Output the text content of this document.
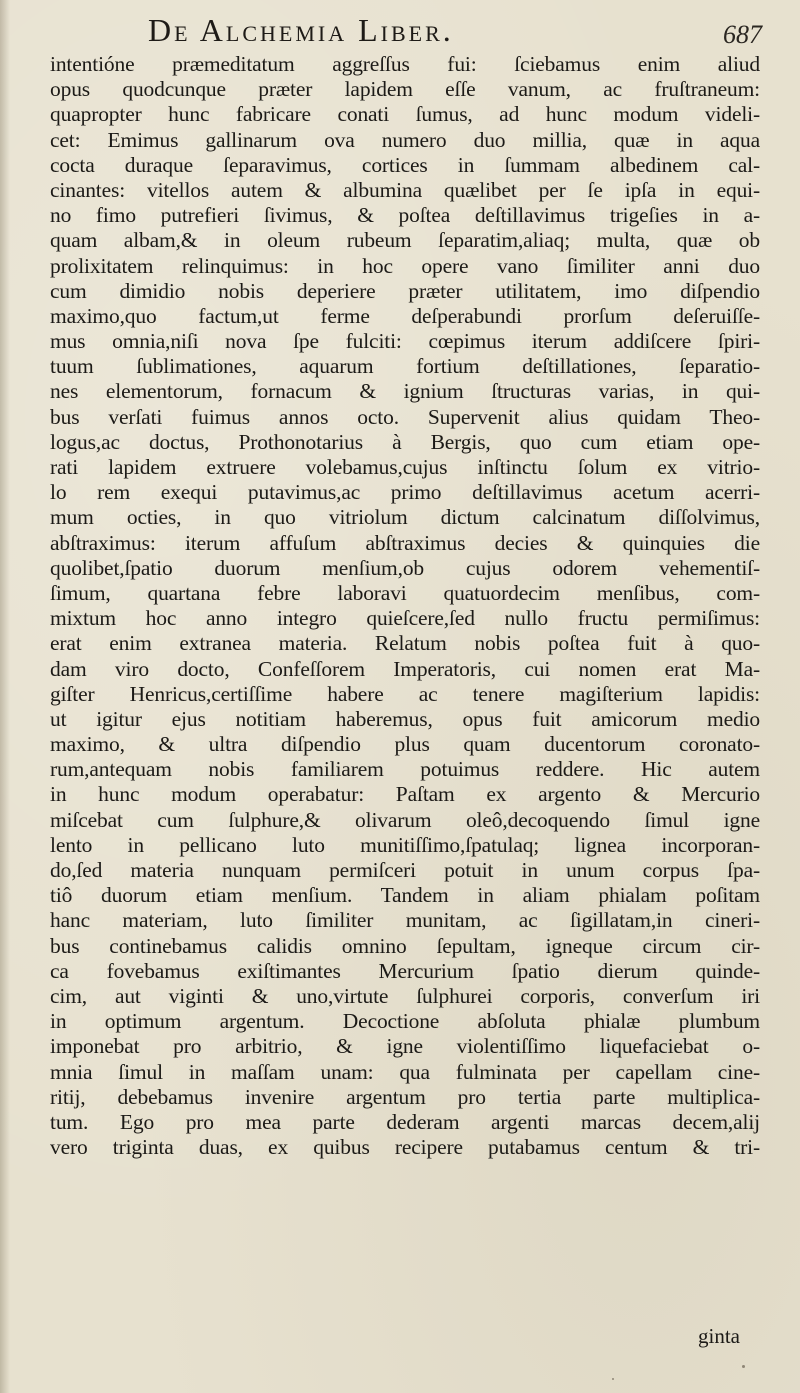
De Alchemia Liber.	687
intentióne præmeditatum aggreſſus fui: ſciebamus enim aliud
opus quodcunque præter lapidem eſſe vanum, ac fruſtraneum:
quapropter hunc fabricare conati ſumus, ad hunc modum videli-
cet: Emimus gallinarum ova numero duo millia, quæ in aqua
cocta duraque ſeparavimus, cortices in ſummam albedinem cal-
cinantes: vitellos autem & albumina quælibet per ſe ipſa in equi-
no fimo putrefieri ſivimus, & poſtea deſtillavimus trigeſies in a-
quam albam,& in oleum rubeum ſeparatim,aliaq; multa, quæ ob
prolixitatem relinquimus: in hoc opere vano ſimiliter anni duo
cum dimidio nobis deperiere præter utilitatem, imo diſpendio
maximo,quo factum,ut ferme deſperabundi prorſum deſeruiſſe-
mus omnia,niſi nova ſpe fulciti: cœpimus iterum addiſcere ſpiri-
tuum ſublimationes, aquarum fortium deſtillationes, ſeparatio-
nes elementorum, fornacum & ignium ſtructuras varias, in qui-
bus verſati fuimus annos octo. Supervenit alius quidam Theo-
logus,ac doctus, Prothonotarius à Bergis, quo cum etiam ope-
rati lapidem extruere volebamus,cujus inſtinctu ſolum ex vitrio-
lo rem exequi putavimus,ac primo deſtillavimus acetum acerri-
mum octies, in quo vitriolum dictum calcinatum diſſolvimus,
abſtraximus: iterum affuſum abſtraximus decies & quinquies die
quolibet,ſpatio duorum menſium,ob cujus odorem vehementiſ-
ſimum, quartana febre laboravi quatuordecim menſibus, com-
mixtum hoc anno integro quieſcere,ſed nullo fructu permiſimus:
erat enim extranea materia. Relatum nobis poſtea fuit à quo-
dam viro docto, Confeſſorem Imperatoris, cui nomen erat Ma-
giſter Henricus,certiſſime habere ac tenere magiſterium lapidis:
ut igitur ejus notitiam haberemus, opus fuit amicorum medio
maximo, & ultra diſpendio plus quam ducentorum coronato-
rum,antequam nobis familiarem potuimus reddere. Hic autem
in hunc modum operabatur: Paſtam ex argento & Mercurio
miſcebat cum ſulphure,& olivarum oleô,decoquendo ſimul igne
lento in pellicano luto munitiſſimo,ſpatulaq; lignea incorporan-
do,ſed materia nunquam permiſceri potuit in unum corpus ſpa-
tiô duorum etiam menſium. Tandem in aliam phialam poſitam
hanc materiam, luto ſimiliter munitam, ac ſigillatam,in cineri-
bus continebamus calidis omnino ſepultam, igneque circum cir-
ca fovebamus exiſtimantes Mercurium ſpatio dierum quinde-
cim, aut viginti & uno,virtute ſulphurei corporis, converſum iri
in optimum argentum. Decoctione abſoluta phialæ plumbum
imponebat pro arbitrio, & igne violentiſſimo liquefaciebat o-
mnia ſimul in maſſam unam: qua fulminata per capellam cine-
ritij, debebamus invenire argentum pro tertia parte multiplica-
tum. Ego pro mea parte dederam argenti marcas decem,alij
vero triginta duas, ex quibus recipere putabamus centum & tri-
ginta
